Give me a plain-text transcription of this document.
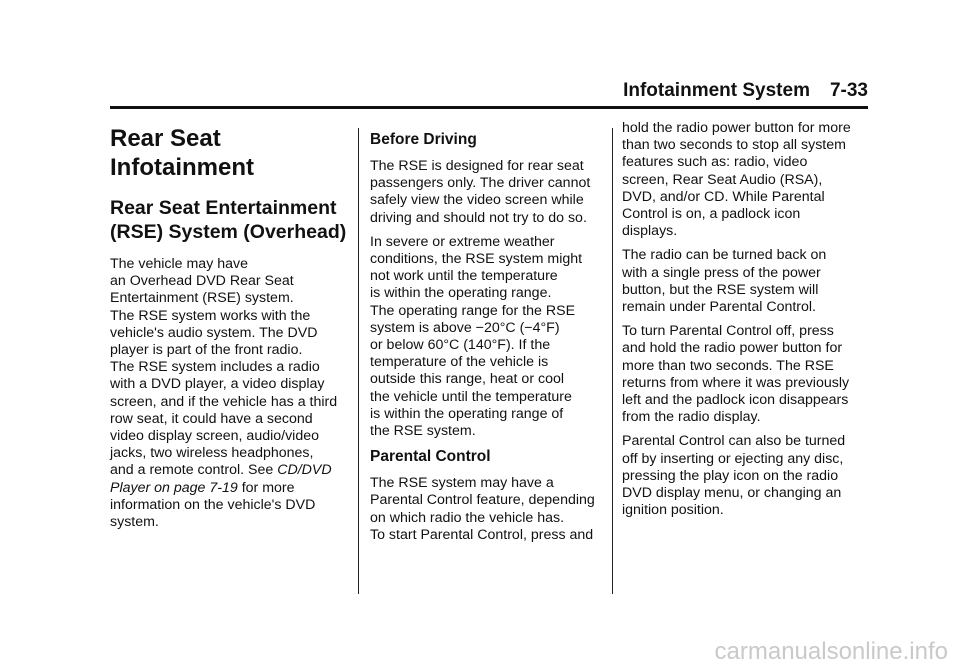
Infotainment System 7-33
Rear Seat
Infotainment
Rear Seat Entertainment
(RSE) System (Overhead)
The vehicle may have
an Overhead DVD Rear Seat
Entertainment (RSE) system.
The RSE system works with the
vehicle's audio system. The DVD
player is part of the front radio.
The RSE system includes a radio
with a DVD player, a video display
screen, and if the vehicle has a third
row seat, it could have a second
video display screen, audio/video
jacks, two wireless headphones,
and a remote control. See CD/DVD
Player on page 7-19 for more
information on the vehicle's DVD
system.
Before Driving
The RSE is designed for rear seat
passengers only. The driver cannot
safely view the video screen while
driving and should not try to do so.
In severe or extreme weather
conditions, the RSE system might
not work until the temperature
is within the operating range.
The operating range for the RSE
system is above −20°C (−4°F)
or below 60°C (140°F). If the
temperature of the vehicle is
outside this range, heat or cool
the vehicle until the temperature
is within the operating range of
the RSE system.
Parental Control
The RSE system may have a
Parental Control feature, depending
on which radio the vehicle has.
To start Parental Control, press and
hold the radio power button for more
than two seconds to stop all system
features such as: radio, video
screen, Rear Seat Audio (RSA),
DVD, and/or CD. While Parental
Control is on, a padlock icon
displays.
The radio can be turned back on
with a single press of the power
button, but the RSE system will
remain under Parental Control.
To turn Parental Control off, press
and hold the radio power button for
more than two seconds. The RSE
returns from where it was previously
left and the padlock icon disappears
from the radio display.
Parental Control can also be turned
off by inserting or ejecting any disc,
pressing the play icon on the radio
DVD display menu, or changing an
ignition position.
carmanualsonline.info
